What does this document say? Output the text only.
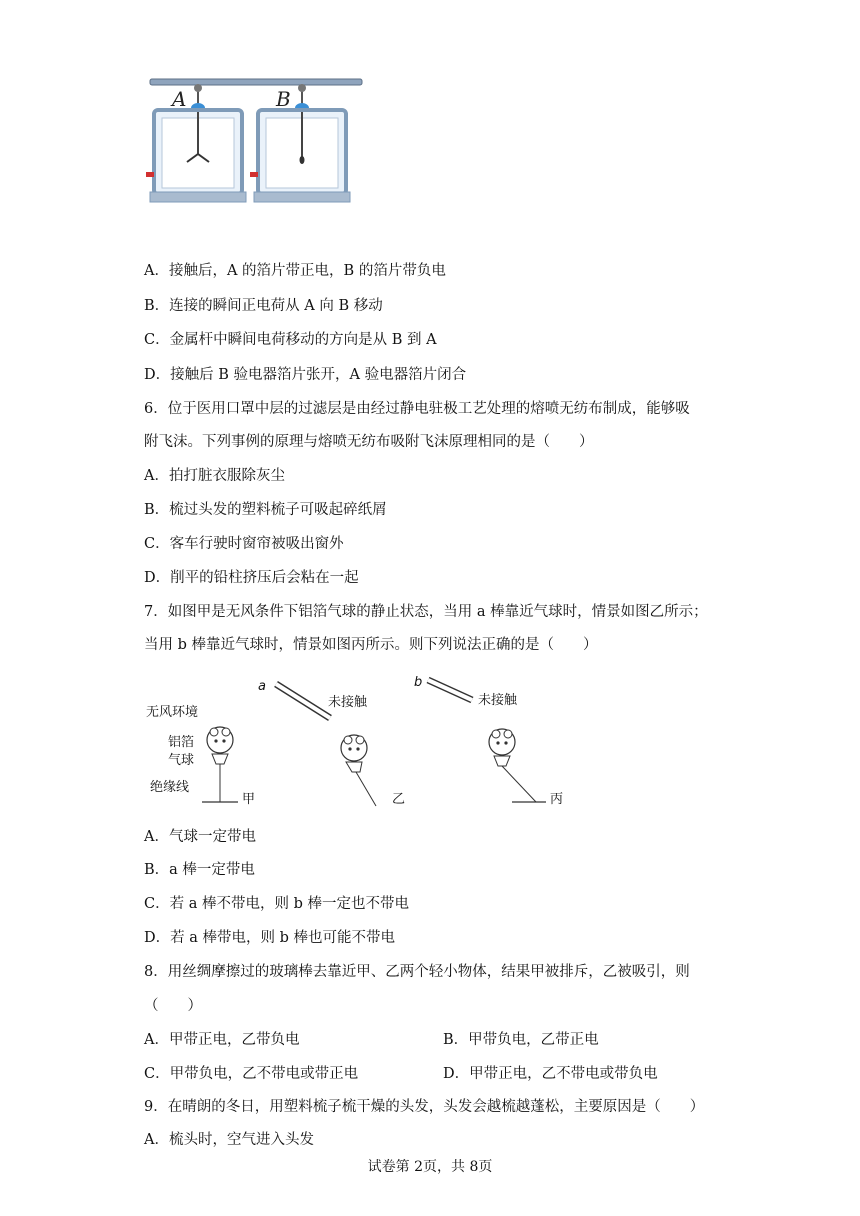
A	B
A．接触后，A 的箔片带正电，B 的箔片带负电
B．连接的瞬间正电荷从 A 向 B 移动
C．金属杆中瞬间电荷移动的方向是从 B 到 A
D．接触后 B 验电器箔片张开，A 验电器箔片闭合
6．位于医用口罩中层的过滤层是由经过静电驻极工艺处理的熔喷无纺布制成，能够吸
附飞沫。下列事例的原理与熔喷无纺布吸附飞沫原理相同的是（　　）
A．拍打脏衣服除灰尘
B．梳过头发的塑料梳子可吸起碎纸屑
C．客车行驶时窗帘被吸出窗外
D．削平的铅柱挤压后会粘在一起
7．如图甲是无风条件下铝箔气球的静止状态，当用 a 棒靠近气球时，情景如图乙所示；
当用 b 棒靠近气球时，情景如图丙所示。则下列说法正确的是（　　）
无风环境
铝箔
气球
绝缘线
甲
a
未接触
乙
b
未接触
丙
A．气球一定带电
B．a 棒一定带电
C．若 a 棒不带电，则 b 棒一定也不带电
D．若 a 棒带电，则 b 棒也可能不带电
8．用丝绸摩擦过的玻璃棒去靠近甲、乙两个轻小物体，结果甲被排斥，乙被吸引，则
（　　）
A．甲带正电，乙带负电	B．甲带负电，乙带正电
C．甲带负电，乙不带电或带正电	D．甲带正电，乙不带电或带负电
9．在晴朗的冬日，用塑料梳子梳干燥的头发，头发会越梳越蓬松，主要原因是（　　）
A．梳头时，空气进入头发
试卷第 2页，共 8页
